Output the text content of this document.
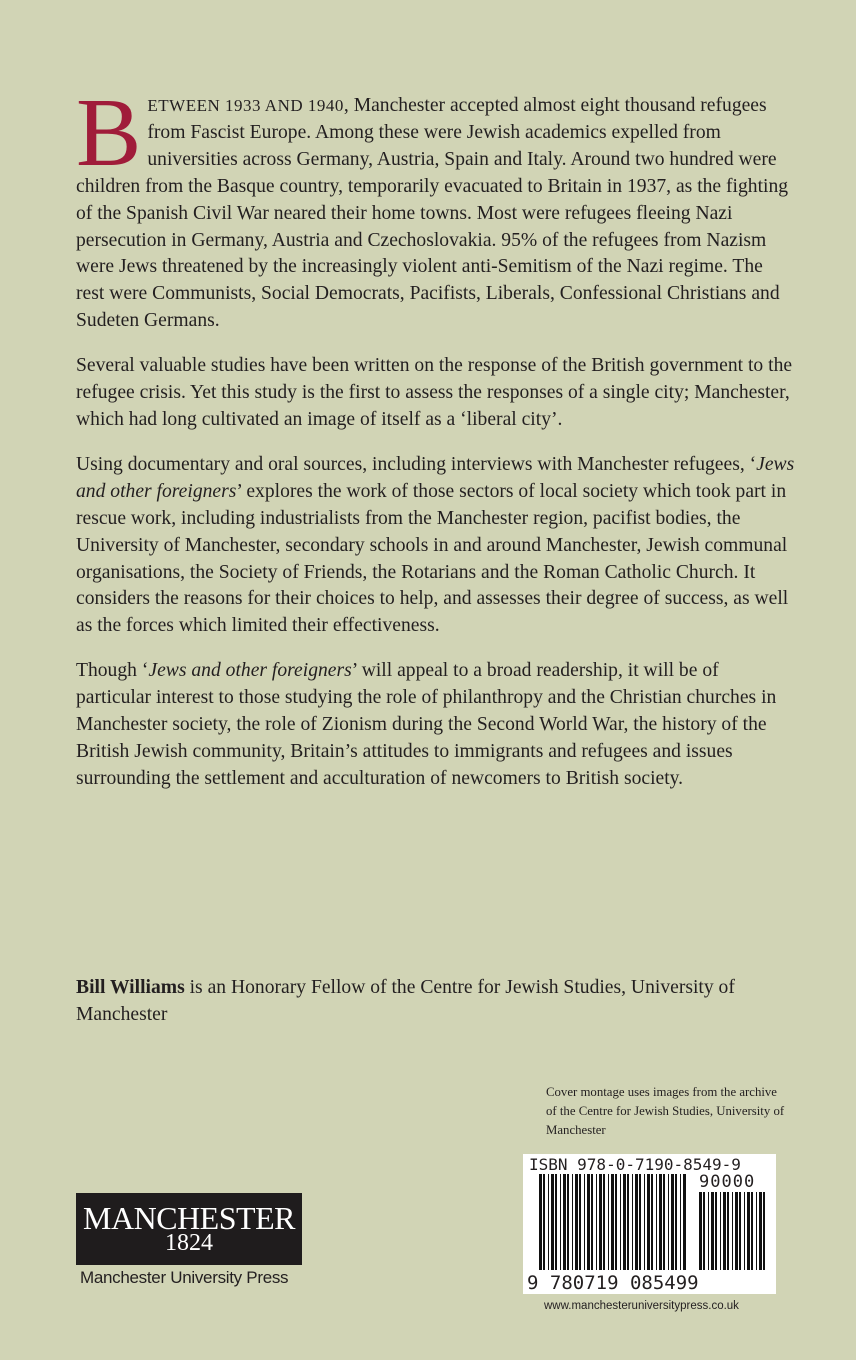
BETWEEN 1933 AND 1940, Manchester accepted almost eight thousand refugees from Fascist Europe. Among these were Jewish academics expelled from universities across Germany, Austria, Spain and Italy. Around two hundred were children from the Basque country, temporarily evacuated to Britain in 1937, as the fighting of the Spanish Civil War neared their home towns. Most were refugees fleeing Nazi persecution in Germany, Austria and Czechoslovakia. 95% of the refugees from Nazism were Jews threatened by the increasingly violent anti-Semitism of the Nazi regime. The rest were Communists, Social Democrats, Pacifists, Liberals, Confessional Christians and Sudeten Germans.

Several valuable studies have been written on the response of the British government to the refugee crisis. Yet this study is the first to assess the responses of a single city; Manchester, which had long cultivated an image of itself as a ‘liberal city’.

Using documentary and oral sources, including interviews with Manchester refugees, ‘Jews and other foreigners’ explores the work of those sectors of local society which took part in rescue work, including industrialists from the Manchester region, pacifist bodies, the University of Manchester, secondary schools in and around Manchester, Jewish communal organisations, the Society of Friends, the Rotarians and the Roman Catholic Church. It considers the reasons for their choices to help, and assesses their degree of success, as well as the forces which limited their effectiveness.

Though ‘Jews and other foreigners’ will appeal to a broad readership, it will be of particular interest to those studying the role of philanthropy and the Christian churches in Manchester society, the role of Zionism during the Second World War, the history of the British Jewish community, Britain’s attitudes to immigrants and refugees and issues surrounding the settlement and acculturation of newcomers to British society.

Bill Williams is an Honorary Fellow of the Centre for Jewish Studies, University of Manchester
Cover montage uses images from the archive of the Centre for Jewish Studies, University of Manchester
ISBN 978-0-7190-8549-9
90000
9 780719 085499
www.manchesteruniversitypress.co.uk
MANCHESTER
1824
Manchester University Press
